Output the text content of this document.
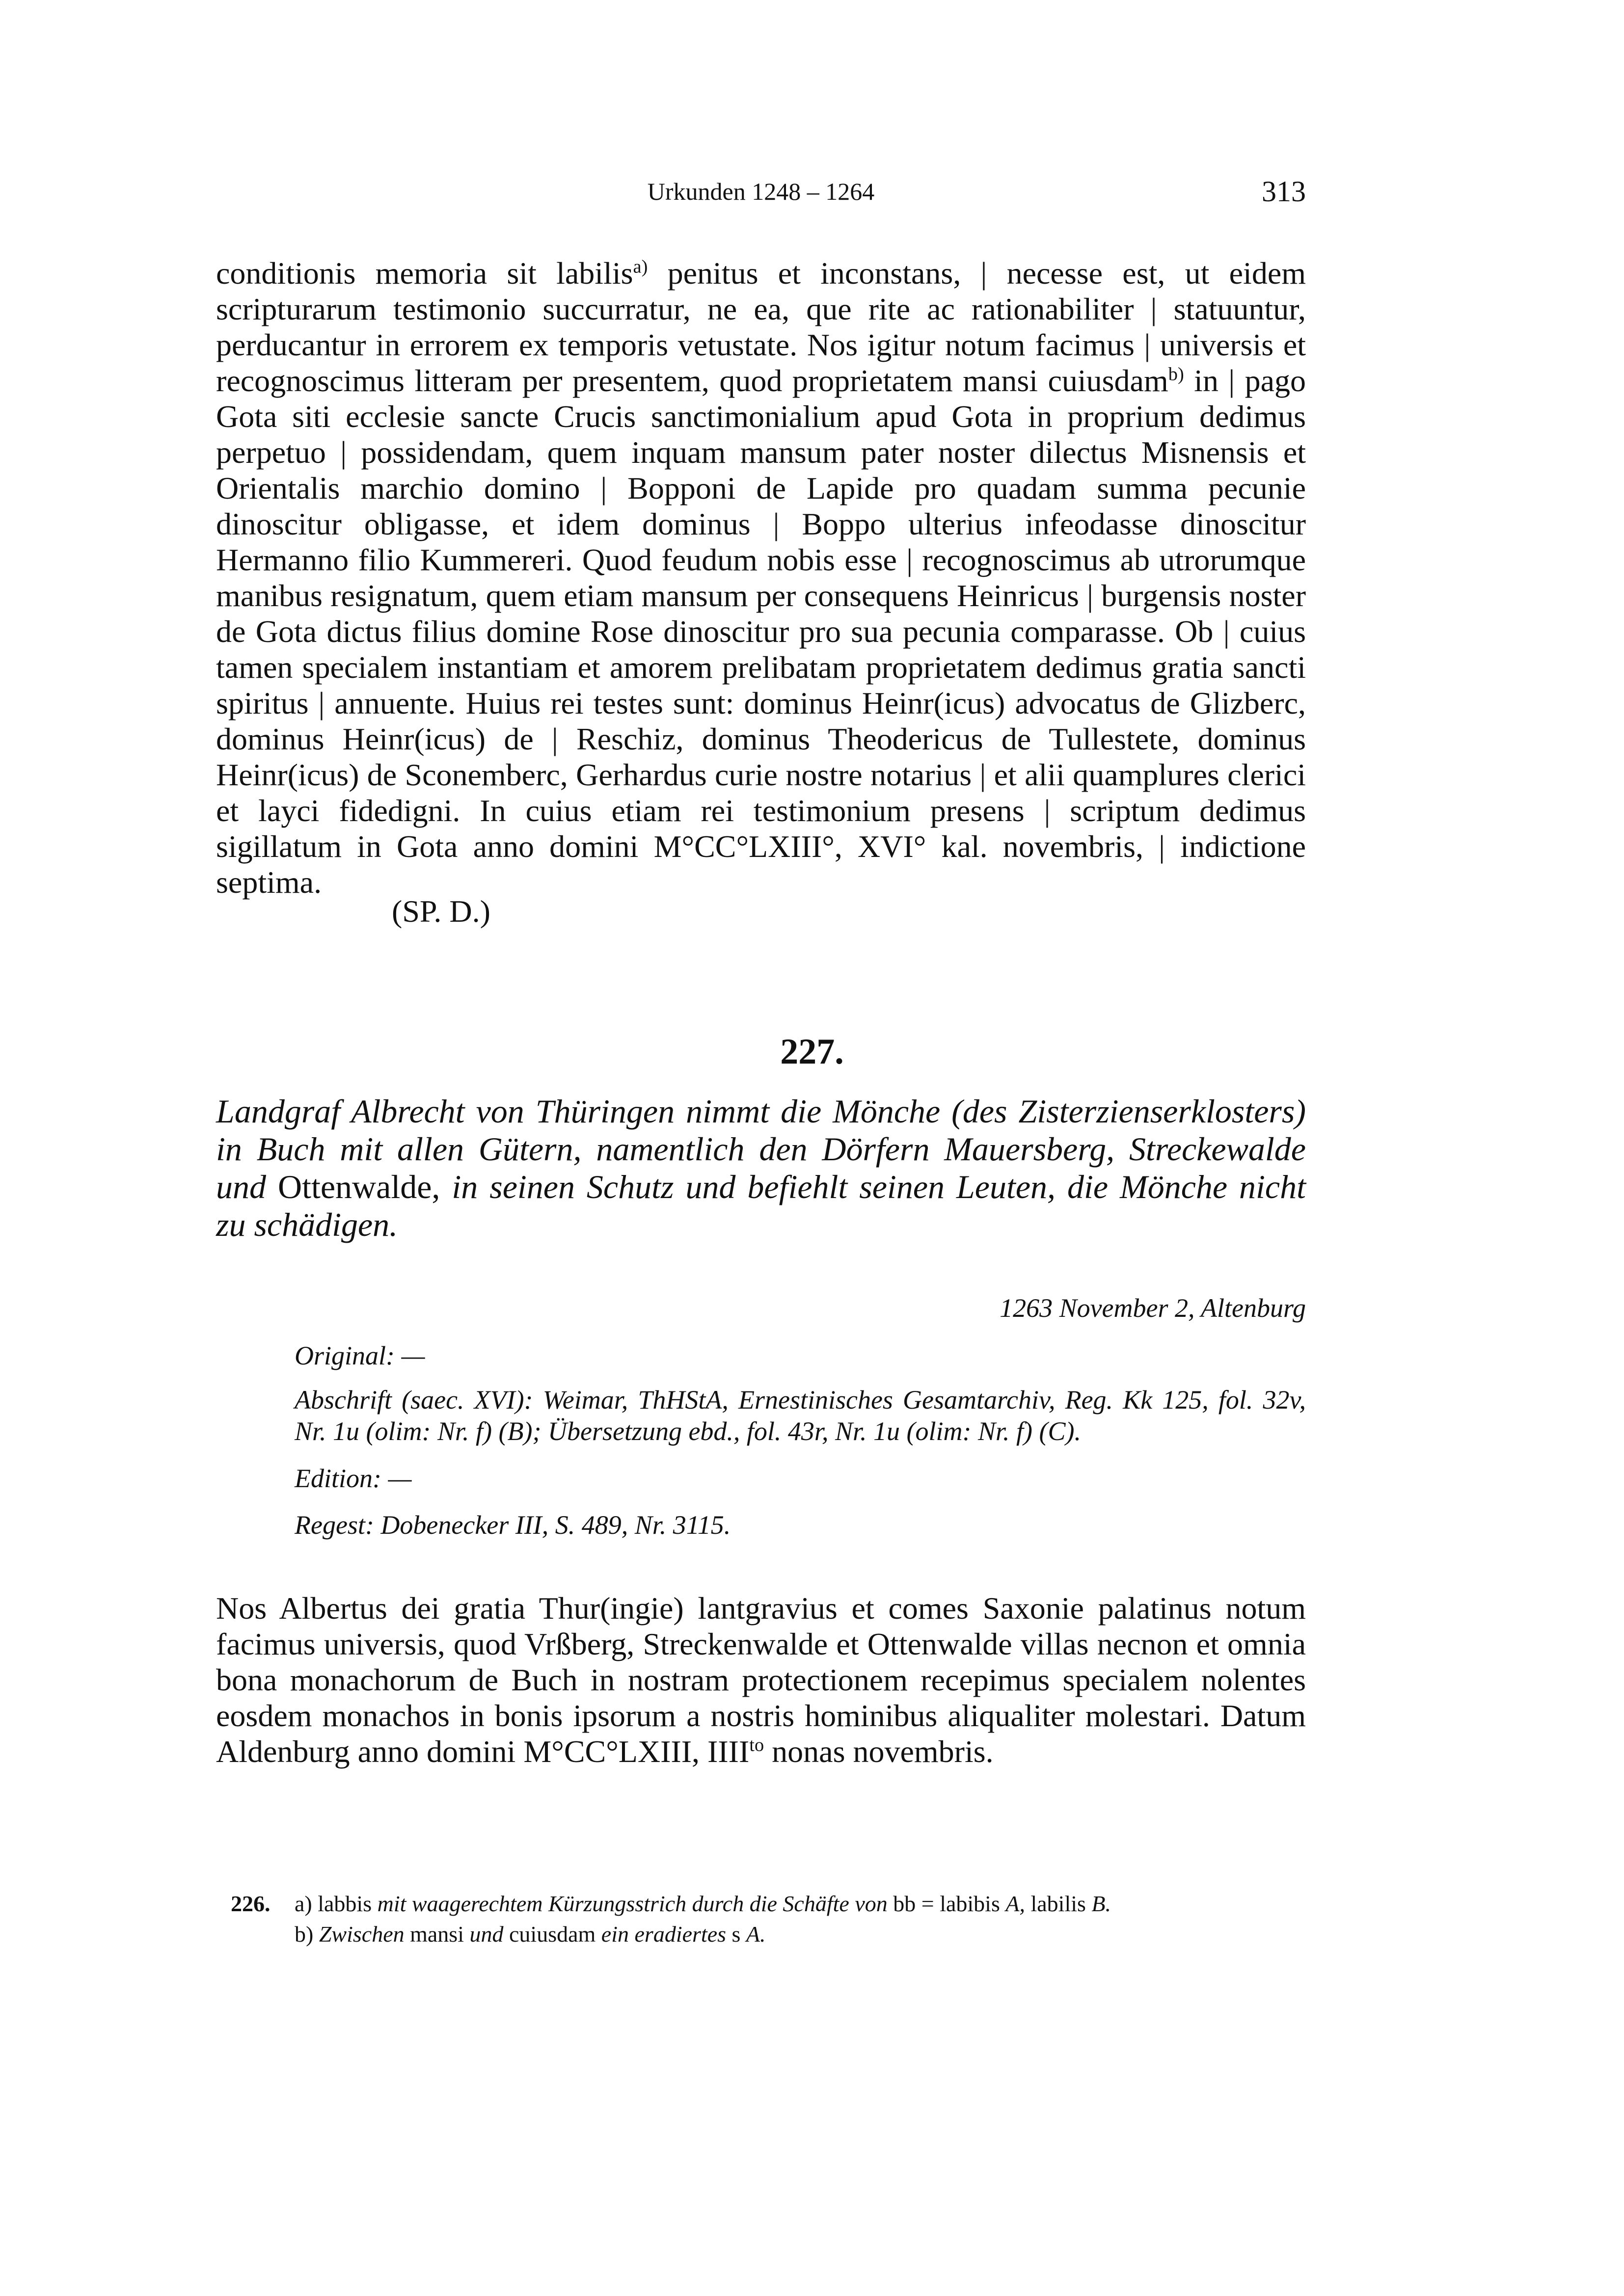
Urkunden 1248 – 1264	313

conditionis memoria sit labilis$^{a)}$ penitus et inconstans, | necesse est, ut eidem scripturarum testimonio succurratur, ne ea, que rite ac rationabiliter | statuuntur, perducantur in errorem ex temporis vetustate. Nos igitur notum facimus | universis et recognoscimus litteram per presentem, quod proprietatem mansi cuiusdam$^{b)}$ in | pago Gota siti ecclesie sancte Crucis sanctimonialium apud Gota in proprium dedimus perpetuo | possidendam, quem inquam mansum pater noster dilectus Misnensis et Orientalis marchio domino | Bopponi de Lapide pro quadam summa pecunie dinoscitur obligasse, et idem dominus | Boppo ulterius infeodasse dinoscitur Hermanno filio Kummereri. Quod feudum nobis esse | recognoscimus ab utrorumque manibus resignatum, quem etiam mansum per consequens Heinricus | burgensis noster de Gota dictus filius domine Rose dinoscitur pro sua pecunia comparasse. Ob | cuius tamen specialem instantiam et amorem prelibatam proprietatem dedimus gratia sancti spiritus | annuente. Huius rei testes sunt: dominus Heinr(icus) advocatus de Glizberc, dominus Heinr(icus) de | Reschiz, dominus Theodericus de Tullestete, dominus Heinr(icus) de Sconemberc, Gerhardus curie nostre notarius | et alii quamplures clerici et layci fidedigni. In cuius etiam rei testimonium presens | scriptum dedimus sigillatum in Gota anno domini M°CC°LXIII°, XVI° kal. novembris, | indictione septima.

(SP. D.)
227.

Landgraf Albrecht von Thüringen nimmt die Mönche (des Zisterzienserklosters) in Buch mit allen Gütern, namentlich den Dörfern Mauersberg, Streckewalde und Ottenwalde, in seinen Schutz und befiehlt seinen Leuten, die Mönche nicht zu schädigen.

1263 November 2, Altenburg

Original: —

Abschrift (saec. XVI): Weimar, ThHStA, Ernestinisches Gesamtarchiv, Reg. Kk 125, fol. 32v, Nr. 1u (olim: Nr. f) (B); Übersetzung ebd., fol. 43r, Nr. 1u (olim: Nr. f) (C).

Edition: —

Regest: Dobenecker III, S. 489, Nr. 3115.

Nos Albertus dei gratia Thur(ingie) lantgravius et comes Saxonie palatinus notum facimus universis, quod Vrßberg, Streckenwalde et Ottenwalde villas necnon et omnia bona monachorum de Buch in nostram protectionem recepimus specialem nolentes eosdem monachos in bonis ipsorum a nostris hominibus aliqualiter molestari. Datum Aldenburg anno domini M°CC°LXIII, $IIII^{to}$ nonas novembris.

226. a) labbis mit waagerechtem Kürzungsstrich durch die Schäfte von bb = labibis A, labilis B.
b) Zwischen mansi und cuiusdam ein eradiertes s A.
